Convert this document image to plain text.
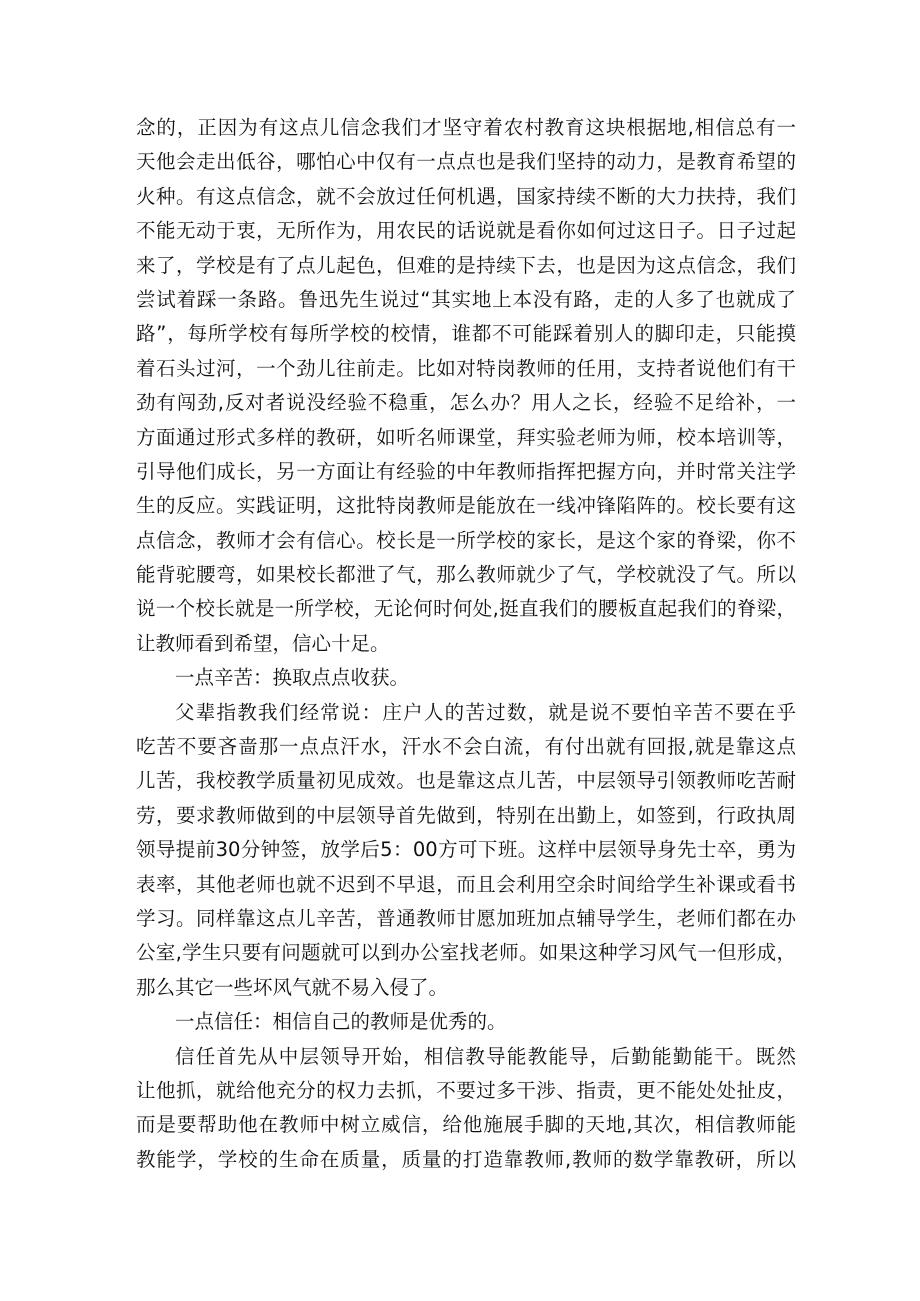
念的，正因为有这点儿信念我们才坚守着农村教育这块根据地,相信总有一
天他会走出低谷，哪怕心中仅有一点点也是我们坚持的动力，是教育希望的
火种。有这点信念，就不会放过任何机遇，国家持续不断的大力扶持，我们
不能无动于衷，无所作为，用农民的话说就是看你如何过这日子。日子过起
来了，学校是有了点儿起色，但难的是持续下去，也是因为这点信念，我们
尝试着踩一条路。鲁迅先生说过“其实地上本没有路，走的人多了也就成了
路”，每所学校有每所学校的校情，谁都不可能踩着别人的脚印走，只能摸
着石头过河，一个劲儿往前走。比如对特岗教师的任用，支持者说他们有干
劲有闯劲,反对者说没经验不稳重，怎么办？用人之长，经验不足给补，一
方面通过形式多样的教研，如听名师课堂，拜实验老师为师，校本培训等，
引导他们成长，另一方面让有经验的中年教师指挥把握方向，并时常关注学
生的反应。实践证明，这批特岗教师是能放在一线冲锋陷阵的。校长要有这
点信念，教师才会有信心。校长是一所学校的家长，是这个家的脊梁，你不
能背驼腰弯，如果校长都泄了气，那么教师就少了气，学校就没了气。所以
说一个校长就是一所学校，无论何时何处,挺直我们的腰板直起我们的脊梁，
让教师看到希望，信心十足。
一点辛苦：换取点点收获。
父辈指教我们经常说：庄户人的苦过数，就是说不要怕辛苦不要在乎
吃苦不要吝啬那一点点汗水，汗水不会白流，有付出就有回报,就是靠这点
儿苦，我校教学质量初见成效。也是靠这点儿苦，中层领导引领教师吃苦耐
劳，要求教师做到的中层领导首先做到，特别在出勤上，如签到，行政执周
领导提前30分钟签，放学后5：00方可下班。这样中层领导身先士卒，勇为
表率，其他老师也就不迟到不早退，而且会利用空余时间给学生补课或看书
学习。同样靠这点儿辛苦，普通教师甘愿加班加点辅导学生，老师们都在办
公室,学生只要有问题就可以到办公室找老师。如果这种学习风气一但形成，
那么其它一些坏风气就不易入侵了。
一点信任：相信自己的教师是优秀的。
信任首先从中层领导开始，相信教导能教能导，后勤能勤能干。既然
让他抓，就给他充分的权力去抓，不要过多干涉、指责，更不能处处扯皮，
而是要帮助他在教师中树立威信，给他施展手脚的天地,其次，相信教师能
教能学，学校的生命在质量，质量的打造靠教师,教师的数学靠教研，所以
